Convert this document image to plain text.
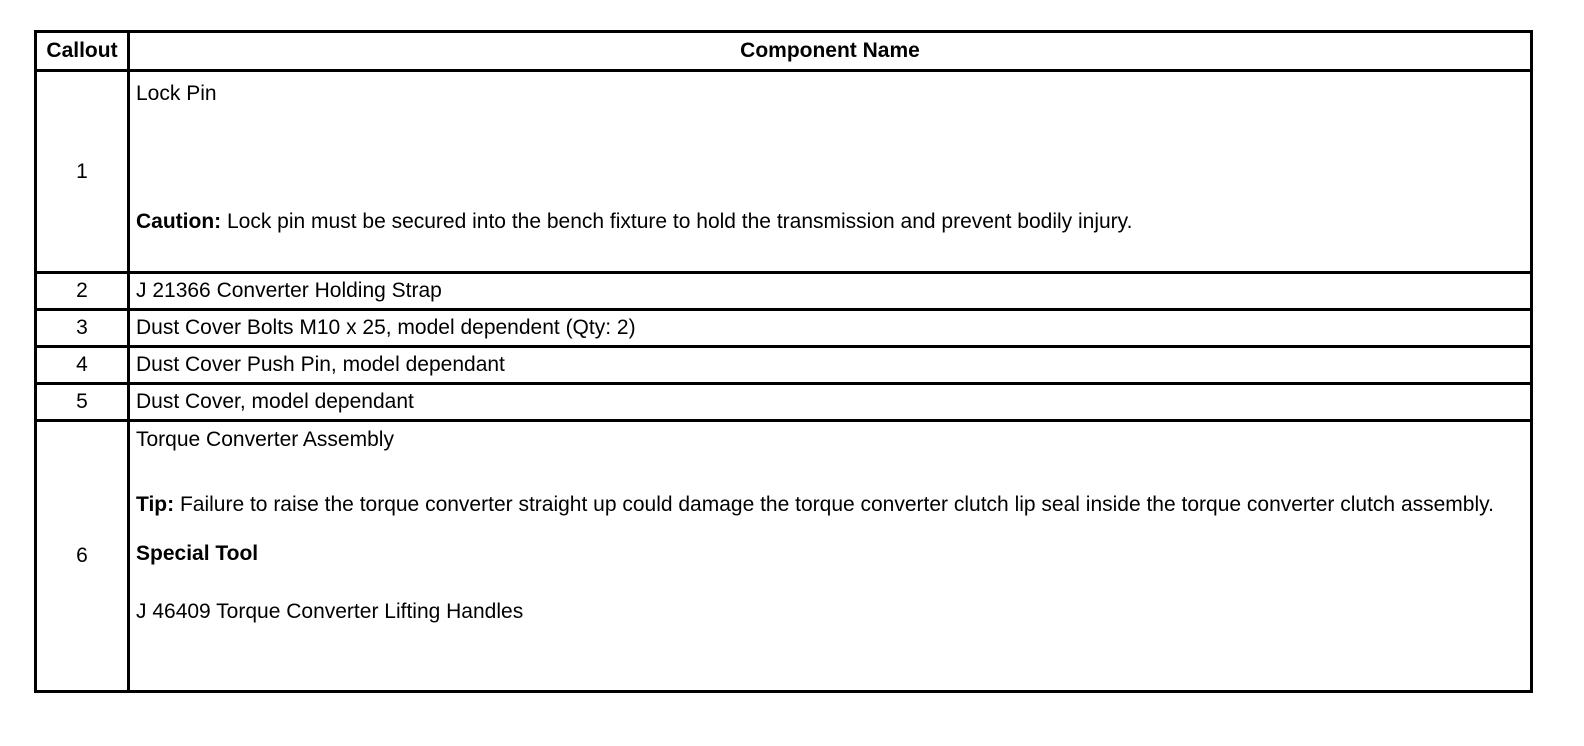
Callout	Component Name
1	Lock Pin
Caution: Lock pin must be secured into the bench fixture to hold the transmission and prevent bodily injury.

2	J 21366 Converter Holding Strap
3	Dust Cover Bolts M10 x 25, model dependent (Qty: 2)
4	Dust Cover Push Pin, model dependant
5	Dust Cover, model dependant
6	Torque Converter Assembly
Tip: Failure to raise the torque converter straight up could damage the torque converter clutch lip seal inside the torque converter clutch assembly.
Special Tool
J 46409 Torque Converter Lifting Handles
